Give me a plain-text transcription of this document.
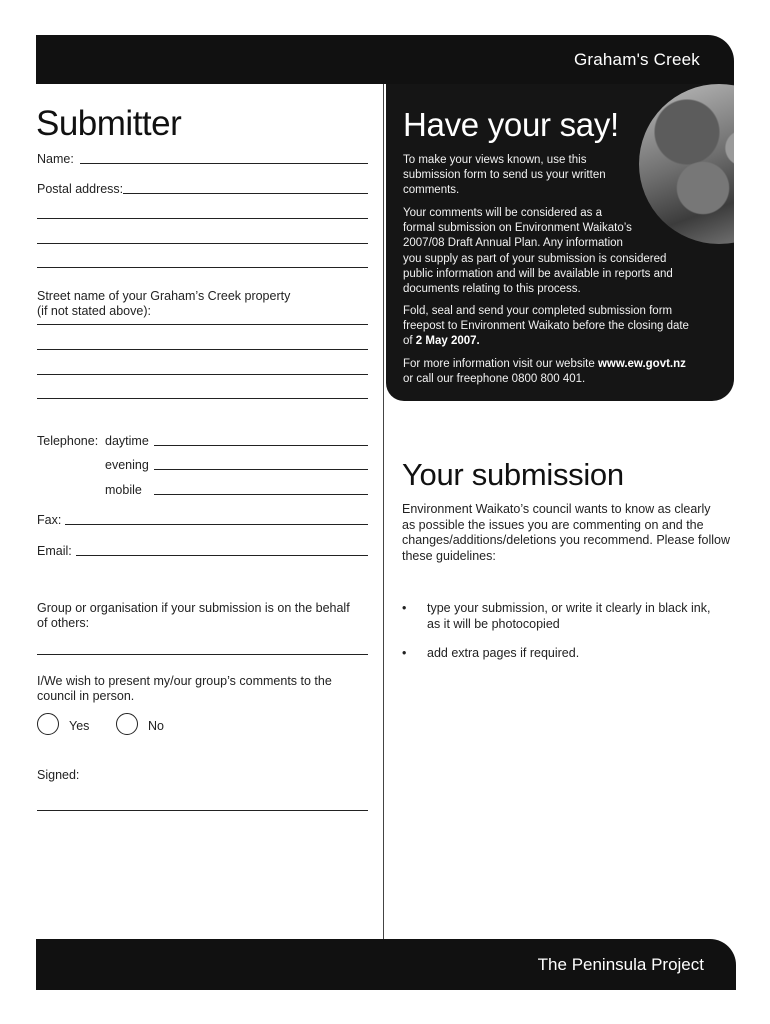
Graham's Creek
Submitter
Name:
Postal address:
Street name of your Graham’s Creek property
(if not stated above):
Telephone: daytime
evening
mobile
Fax:
Email:
Group or organisation if your submission is on the behalf
of others:
I/We wish to present my/our group’s comments to the
council in person.
Yes	No
Signed:
Have your say!
To make your views known, use this
submission form to send us your written
comments.
Your comments will be considered as a
formal submission on Environment Waikato’s
2007/08 Draft Annual Plan. Any information
you supply as part of your submission is considered
public information and will be available in reports and
documents relating to this process.
Fold, seal and send your completed submission form
freepost to Environment Waikato before the closing date
of 2 May 2007.
For more information visit our website www.ew.govt.nz
or call our freephone 0800 800 401.
Your submission
Environment Waikato’s council wants to know as clearly
as possible the issues you are commenting on and the
changes/additions/deletions you recommend. Please follow
these guidelines:
• type your submission, or write it clearly in black ink,
as it will be photocopied
• add extra pages if required.
The Peninsula Project
